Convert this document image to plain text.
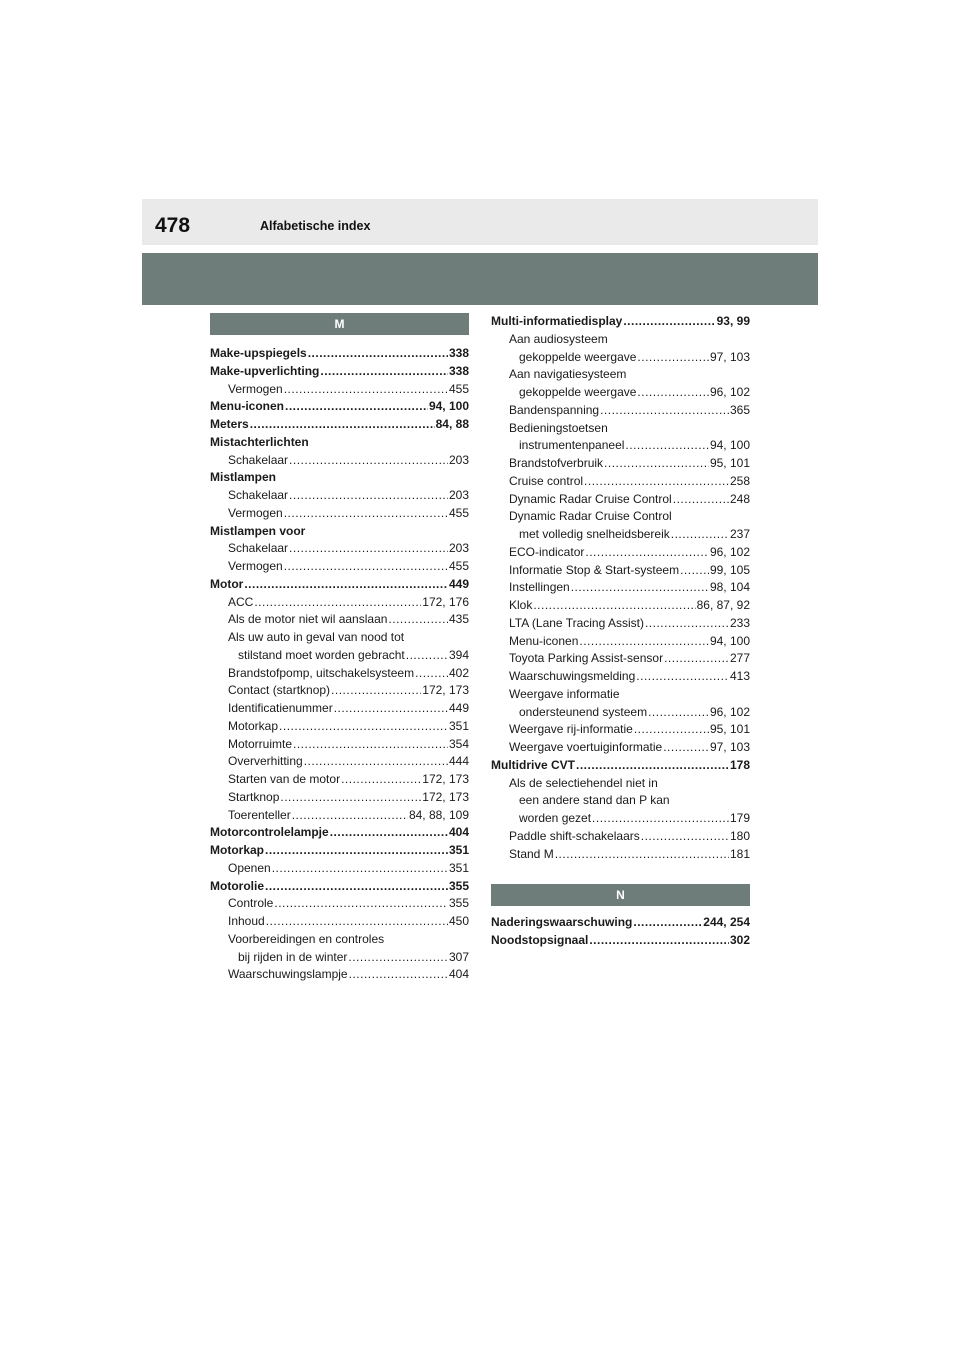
478	Alfabetische index
M
Make-upspiegels .....	338
Make-upverlichting .....	338
Vermogen .....	455
Menu-iconen .....	94, 100
Meters .....	84, 88
Mistachterlichten
Schakelaar .....	203
Mistlampen
Schakelaar .....	203
Vermogen .....	455
Mistlampen voor
Schakelaar .....	203
Vermogen .....	455
Motor .....	449
ACC .....	172, 176
Als de motor niet wil aanslaan .....	435
Als uw auto in geval van nood tot
stilstand moet worden gebracht .....	394
Brandstofpomp, uitschakelsysteem .....	402
Contact (startknop) .....	172, 173
Identificatienummer .....	449
Motorkap .....	351
Motorruimte .....	354
Oververhitting .....	444
Starten van de motor .....	172, 173
Startknop .....	172, 173
Toerenteller .....	84, 88, 109
Motorcontrolelampje .....	404
Motorkap .....	351
Openen .....	351
Motorolie .....	355
Controle .....	355
Inhoud .....	450
Voorbereidingen en controles
bij rijden in de winter .....	307
Waarschuwingslampje .....	404
Multi-informatiedisplay .....	93, 99
Aan audiosysteem
gekoppelde weergave .....	97, 103
Aan navigatiesysteem
gekoppelde weergave .....	96, 102
Bandenspanning .....	365
Bedieningstoetsen
instrumentenpaneel .....	94, 100
Brandstofverbruik .....	95, 101
Cruise control .....	258
Dynamic Radar Cruise Control .....	248
Dynamic Radar Cruise Control
met volledig snelheidsbereik .....	237
ECO-indicator .....	96, 102
Informatie Stop & Start-systeem .....	99, 105
Instellingen .....	98, 104
Klok .....	86, 87, 92
LTA (Lane Tracing Assist) .....	233
Menu-iconen .....	94, 100
Toyota Parking Assist-sensor .....	277
Waarschuwingsmelding .....	413
Weergave informatie
ondersteunend systeem .....	96, 102
Weergave rij-informatie .....	95, 101
Weergave voertuiginformatie .....	97, 103
Multidrive CVT .....	178
Als de selectiehendel niet in
een andere stand dan P kan
worden gezet .....	179
Paddle shift-schakelaars .....	180
Stand M .....	181
N
Naderingswaarschuwing .....	244, 254
Noodstopsignaal .....	302
